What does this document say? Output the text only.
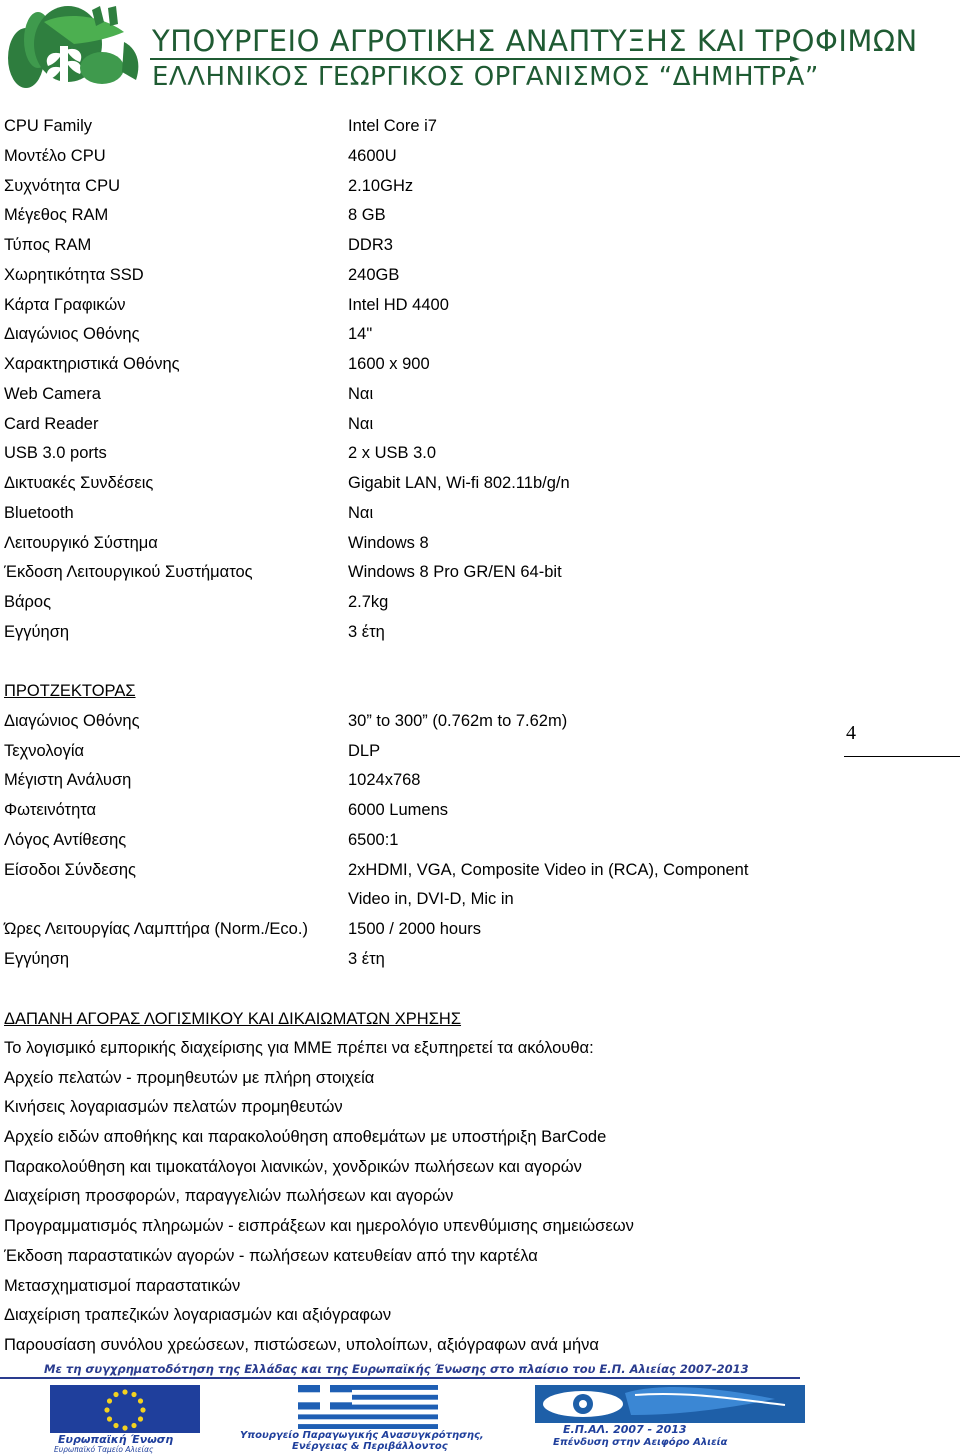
ΥΠΟΥΡΓΕΙΟ ΑΓΡΟΤΙΚΗΣ ΑΝΑΠΤΥΞΗΣ ΚΑΙ ΤΡΟΦΙΜΩΝ
ΕΛΛΗΝΙΚΟΣ ΓΕΩΡΓΙΚΟΣ ΟΡΓΑΝΙΣΜΟΣ “ΔΗΜΗΤΡΑ”
CPU Family	Intel Core i7
Μοντέλο CPU	4600U
Συχνότητα CPU	2.10GHz
Μέγεθος RAM	8 GB
Τύπος RAM	DDR3
Χωρητικότητα SSD	240GB
Κάρτα Γραφικών	Intel HD 4400
Διαγώνιος Οθόνης	14"
Χαρακτηριστικά Οθόνης	1600 x 900
Web Camera	Ναι
Card Reader	Ναι
USB 3.0 ports	2 x USB 3.0
Δικτυακές Συνδέσεις	Gigabit LAN, Wi-fi 802.11b/g/n
Bluetooth	Ναι
Λειτουργικό Σύστημα	Windows 8
Έκδοση Λειτουργικού Συστήματος	Windows 8 Pro GR/EN 64-bit
Βάρος	2.7kg
Εγγύηση	3 έτη
ΠΡΟΤΖΕΚΤΟΡΑΣ
Διαγώνιος Οθόνης	30” to 300” (0.762m to 7.62m)
Τεχνολογία	DLP
Μέγιστη Ανάλυση	1024x768
Φωτεινότητα	6000 Lumens
Λόγος Αντίθεσης	6500:1
Είσοδοι Σύνδεσης	2xHDMI, VGA, Composite Video in (RCA), Component Video in, DVI-D, Mic in
Ώρες Λειτουργίας Λαμπτήρα (Norm./Eco.) 1500 / 2000 hours
Εγγύηση	3 έτη
4
ΔΑΠΑΝΗ ΑΓΟΡΑΣ ΛΟΓΙΣΜΙΚΟΥ ΚΑΙ ΔΙΚΑΙΩΜΑΤΩΝ ΧΡΗΣΗΣ
Το λογισμικό εμπορικής διαχείρισης για ΜΜΕ πρέπει να εξυπηρετεί τα ακόλουθα:
Αρχείο πελατών - προμηθευτών με πλήρη στοιχεία
Κινήσεις λογαριασμών πελατών προμηθευτών
Αρχείο ειδών αποθήκης και παρακολούθηση αποθεμάτων με υποστήριξη BarCode
Παρακολούθηση και τιμοκατάλογοι λιανικών, χονδρικών πωλήσεων και αγορών
Διαχείριση προσφορών, παραγγελιών πωλήσεων και αγορών
Προγραμματισμός πληρωμών - εισπράξεων και ημερολόγιο υπενθύμισης σημειώσεων
Έκδοση παραστατικών αγορών - πωλήσεων κατευθείαν από την καρτέλα
Μετασχηματισμοί παραστατικών
Διαχείριση τραπεζικών λογαριασμών και αξιόγραφων
Παρουσίαση συνόλου χρεώσεων, πιστώσεων, υπολοίπων, αξιόγραφων ανά μήνα
Με τη συγχρηματοδότηση της Ελλάδας και της Ευρωπαϊκής Ένωσης στο πλαίσιο του Ε.Π. Αλιείας 2007-2013
Ευρωπαϊκή Ένωση
Ευρωπαϊκό Ταμείο Αλιείας
Υπουργείο Παραγωγικής Ανασυγκρότησης,
Ενέργειας & Περιβάλλοντος
Ε.Π.ΑΛ. 2007 - 2013
Επένδυση στην Αειφόρο Αλιεία
